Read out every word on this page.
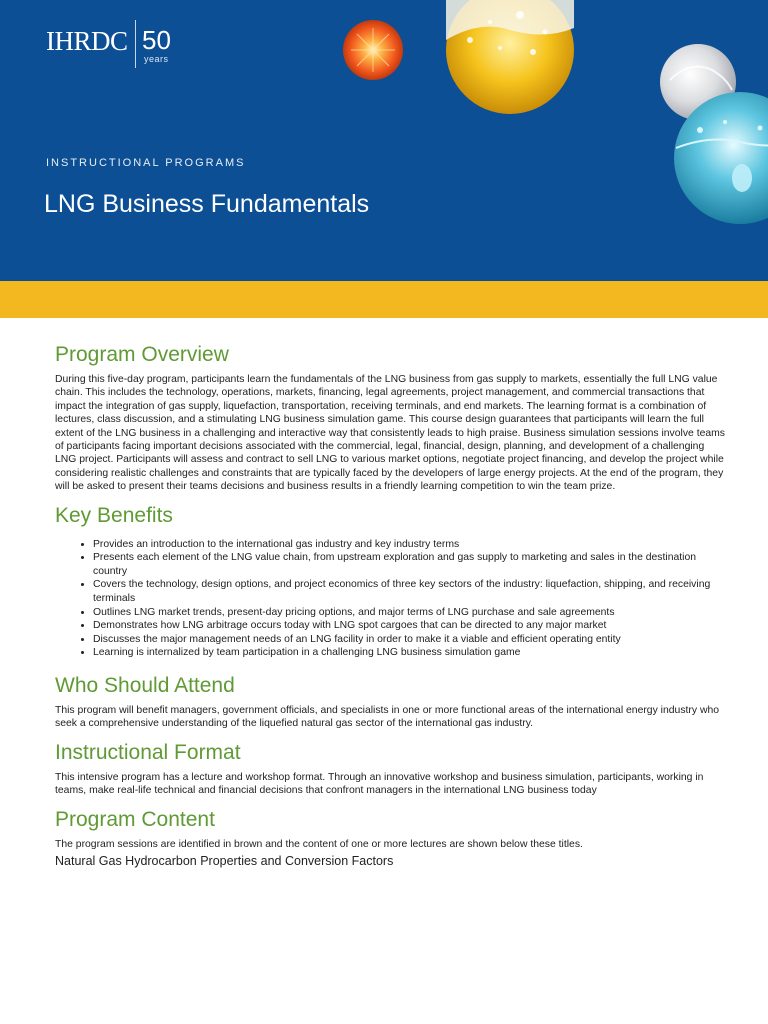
IHRDC 50
years
INSTRUCTIONAL PROGRAMS
LNG Business Fundamentals
Program Overview

During this five-day program, participants learn the fundamentals of the LNG business from gas supply to markets, essentially the full LNG value chain. This includes the technology, operations, markets, financing, legal agreements, project management, and commercial transactions that impact the integration of gas supply, liquefaction, transportation, receiving terminals, and end markets. The learning format is a combination of lectures, class discussion, and a stimulating LNG business simulation game. This course design guarantees that participants will learn the full extent of the LNG business in a challenging and interactive way that consistently leads to high praise. Business simulation sessions involve teams of participants facing important decisions associated with the commercial, legal, financial, design, planning, and development of a challenging LNG project. Participants will assess and contract to sell LNG to various market options, negotiate project financing, and develop the project while considering realistic challenges and constraints that are typically faced by the developers of large energy projects. At the end of the program, they will be asked to present their teams decisions and business results in a friendly learning competition to win the team prize.

Key Benefits
• Provides an introduction to the international gas industry and key industry terms
• Presents each element of the LNG value chain, from upstream exploration and gas supply to marketing and sales in the destination country
• Covers the technology, design options, and project economics of three key sectors of the industry: liquefaction, shipping, and receiving terminals
• Outlines LNG market trends, present-day pricing options, and major terms of LNG purchase and sale agreements
• Demonstrates how LNG arbitrage occurs today with LNG spot cargoes that can be directed to any major market
• Discusses the major management needs of an LNG facility in order to make it a viable and efficient operating entity
• Learning is internalized by team participation in a challenging LNG business simulation game
Who Should Attend

This program will benefit managers, government officials, and specialists in one or more functional areas of the international energy industry who seek a comprehensive understanding of the liquefied natural gas sector of the international gas industry.

Instructional Format

This intensive program has a lecture and workshop format. Through an innovative workshop and business simulation, participants, working in teams, make real-life technical and financial decisions that confront managers in the international LNG business today

Program Content

The program sessions are identified in brown and the content of one or more lectures are shown below these titles.

Natural Gas Hydrocarbon Properties and Conversion Factors
